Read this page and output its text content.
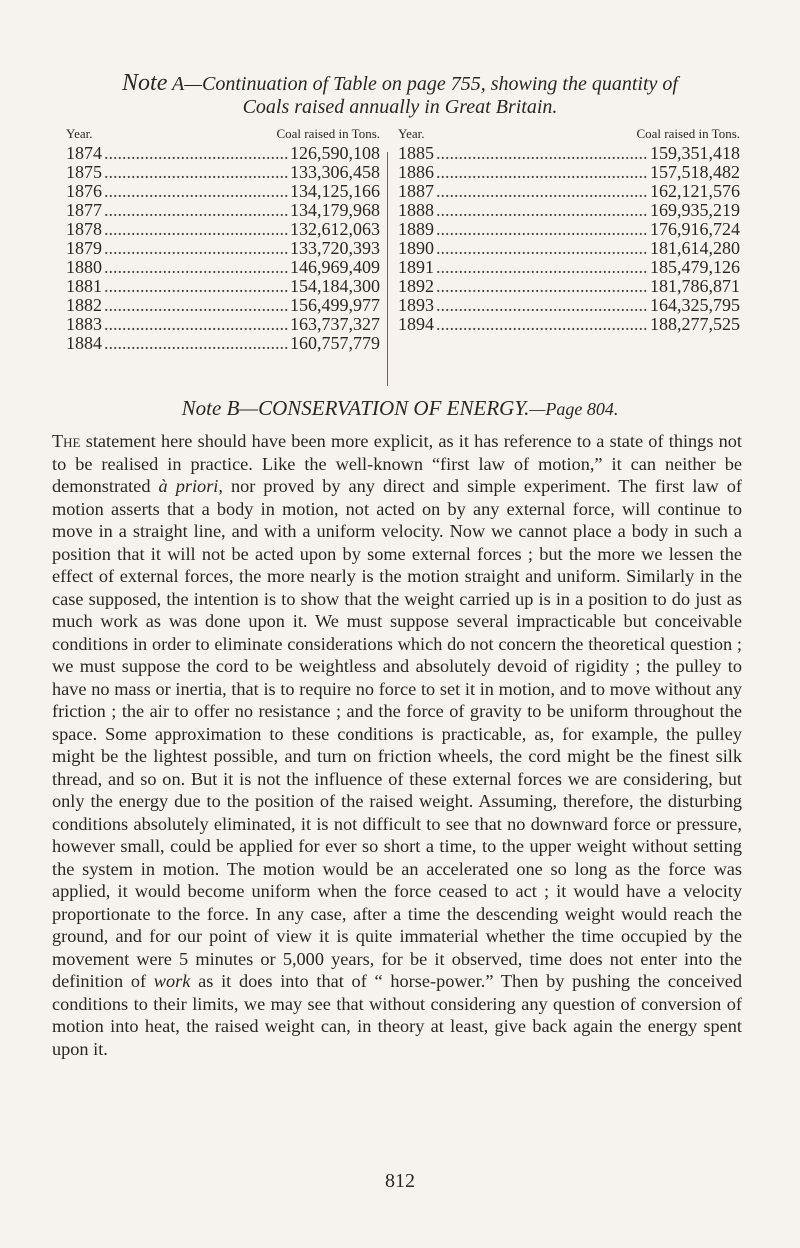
Note A—Continuation of Table on page 755, showing the quantity of
Coals raised annually in Great Britain.
Year.	Coal raised in Tons.
1874 .....	126,590,108
1875 .....	133,306,458
1876 .....	134,125,166
1877 .....	134,179,968
1878 .....	132,612,063
1879 .....	133,720,393
1880 .....	146,969,409
1881 .....	154,184,300
1882 .....	156,499,977
1883 .....	163,737,327
1884 .....	160,757,779
Year.	Coal raised in Tons.
1885 .....	159,351,418
1886 .....	157,518,482
1887 .....	162,121,576
1888 .....	169,935,219
1889 .....	176,916,724
1890 .....	181,614,280
1891 .....	185,479,126
1892 .....	181,786,871
1893 .....	164,325,795
1894 .....	188,277,525
Note B—CONSERVATION OF ENERGY.—Page 804.
The statement here should have been more explicit, as it has reference to a state of things not to be realised in practice. Like the well-known “first law of motion,” it can neither be demonstrated à priori, nor proved by any direct and simple experiment. The first law of motion asserts that a body in motion, not acted on by any external force, will continue to move in a straight line, and with a uniform velocity. Now we cannot place a body in such a position that it will not be acted upon by some external forces ; but the more we lessen the effect of external forces, the more nearly is the motion straight and uniform. Similarly in the case supposed, the intention is to show that the weight carried up is in a position to do just as much work as was done upon it. We must suppose several impracticable but conceivable conditions in order to eliminate considerations which do not concern the theoretical question ; we must suppose the cord to be weightless and absolutely devoid of rigidity ; the pulley to have no mass or inertia, that is to require no force to set it in motion, and to move without any friction ; the air to offer no resistance ; and the force of gravity to be uniform throughout the space. Some approximation to these conditions is practicable, as, for example, the pulley might be the lightest possible, and turn on friction wheels, the cord might be the finest silk thread, and so on. But it is not the influence of these external forces we are considering, but only the energy due to the position of the raised weight. Assuming, therefore, the disturbing conditions absolutely eliminated, it is not difficult to see that no downward force or pressure, however small, could be applied for ever so short a time, to the upper weight without setting the system in motion. The motion would be an accelerated one so long as the force was applied, it would become uniform when the force ceased to act ; it would have a velocity proportionate to the force. In any case, after a time the descending weight would reach the ground, and for our point of view it is quite immaterial whether the time occupied by the movement were 5 minutes or 5,000 years, for be it observed, time does not enter into the definition of work as it does into that of “ horse-power.” Then by pushing the conceived conditions to their limits, we may see that without considering any question of conversion of motion into heat, the raised weight can, in theory at least, give back again the energy spent upon it.
812
